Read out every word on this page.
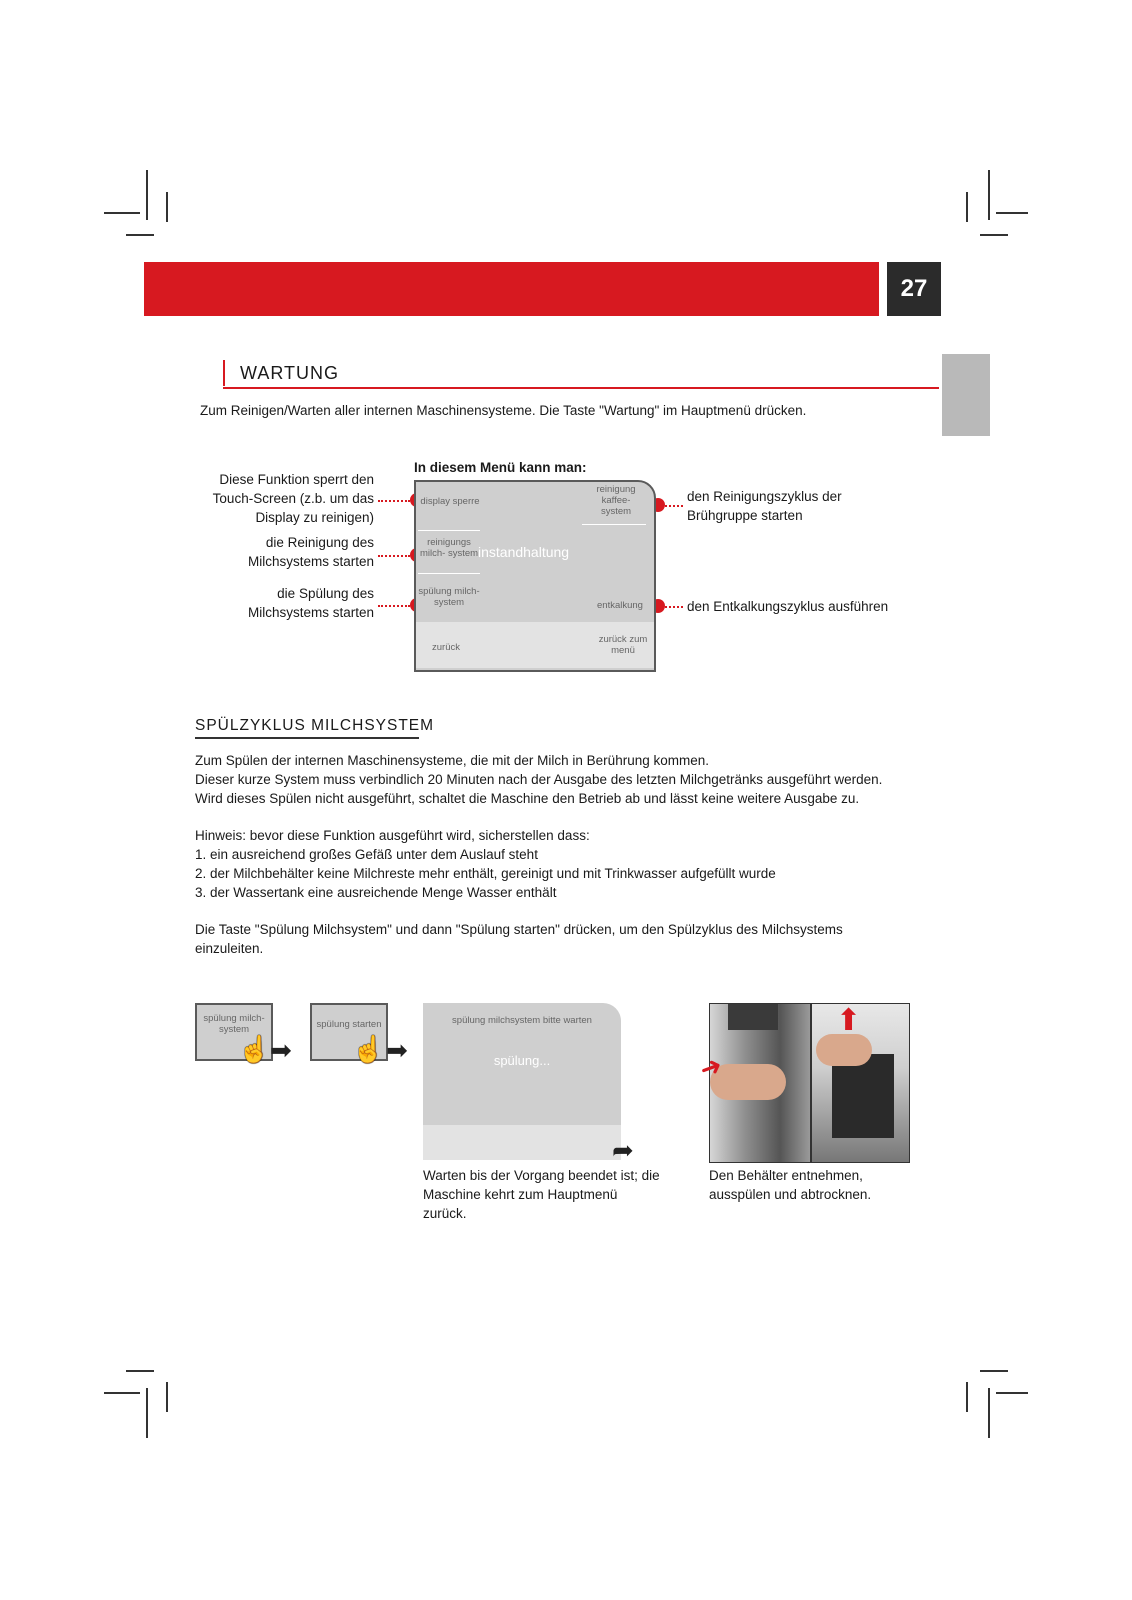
27
WARTUNG
Zum Reinigen/Warten aller internen Maschinensysteme. Die Taste "Wartung" im Hauptmenü drücken.
In diesem Menü kann man:
Diese Funktion sperrt den Touch-Screen (z.b. um das Display zu reinigen)
die Reinigung des Milchsystems starten
die Spülung des Milchsystems starten
den Reinigungszyklus der Brühgruppe starten
den Entkalkungszyklus ausführen
display sperre
reinigungs milch- system
spülung milch- system
instandhaltung
reinigung kaffee- system
entkalkung
zurück
zurück zum menü
SPÜLZYKLUS MILCHSYSTEM
Zum Spülen der internen Maschinensysteme, die mit der Milch in Berührung kommen.
Dieser kurze System muss verbindlich 20 Minuten nach der Ausgabe des letzten Milchgetränks ausgeführt werden.
Wird dieses Spülen nicht ausgeführt, schaltet die Maschine den Betrieb ab und lässt keine weitere Ausgabe zu.
Hinweis: bevor diese Funktion ausgeführt wird, sicherstellen dass:
1. ein ausreichend großes Gefäß unter dem Auslauf steht
2. der Milchbehälter keine Milchreste mehr enthält, gereinigt und mit Trinkwasser aufgefüllt wurde
3. der Wassertank eine ausreichende Menge Wasser enthält
Die Taste "Spülung Milchsystem" und dann "Spülung starten" drücken, um den Spülzyklus des Milchsystems einzuleiten.
spülung milch- system
☝ ➡
spülung starten
☝ ➡
spülung milchsystem bitte warten
spülung...
➦
Warten bis der Vorgang beendet ist; die Maschine kehrt zum Hauptmenü zurück.
➜
⬆
Den Behälter entnehmen, ausspülen und abtrocknen.
